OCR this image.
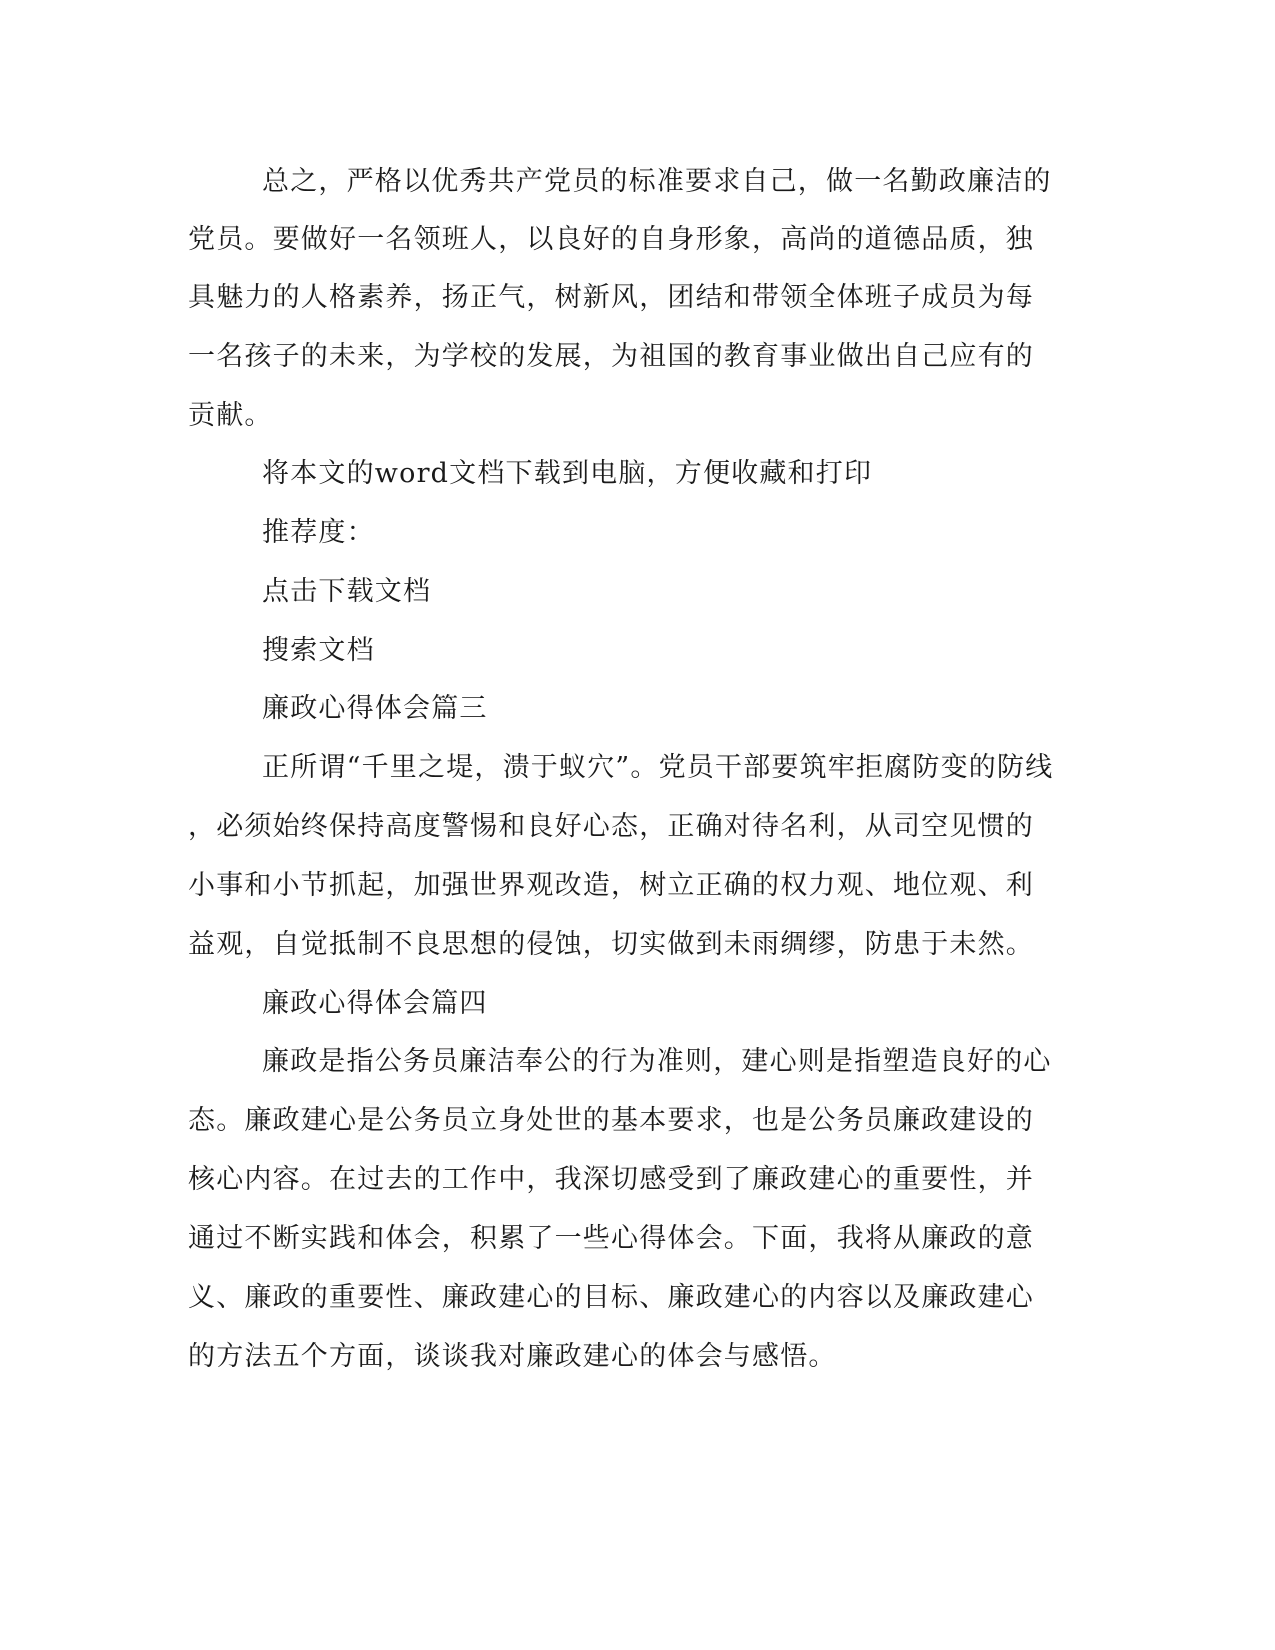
总之，严格以优秀共产党员的标准要求自己，做一名勤政廉洁的
党员。要做好一名领班人，以良好的自身形象，高尚的道德品质，独
具魅力的人格素养，扬正气，树新风，团结和带领全体班子成员为每
一名孩子的未来，为学校的发展，为祖国的教育事业做出自己应有的
贡献。
将本文的word文档下载到电脑，方便收藏和打印
推荐度：
点击下载文档
搜索文档
廉政心得体会篇三
正所谓“千里之堤，溃于蚁穴”。党员干部要筑牢拒腐防变的防线
，必须始终保持高度警惕和良好心态，正确对待名利，从司空见惯的
小事和小节抓起，加强世界观改造，树立正确的权力观、地位观、利
益观，自觉抵制不良思想的侵蚀，切实做到未雨绸缪，防患于未然。
廉政心得体会篇四
廉政是指公务员廉洁奉公的行为准则，建心则是指塑造良好的心
态。廉政建心是公务员立身处世的基本要求，也是公务员廉政建设的
核心内容。在过去的工作中，我深切感受到了廉政建心的重要性，并
通过不断实践和体会，积累了一些心得体会。下面，我将从廉政的意
义、廉政的重要性、廉政建心的目标、廉政建心的内容以及廉政建心
的方法五个方面，谈谈我对廉政建心的体会与感悟。
